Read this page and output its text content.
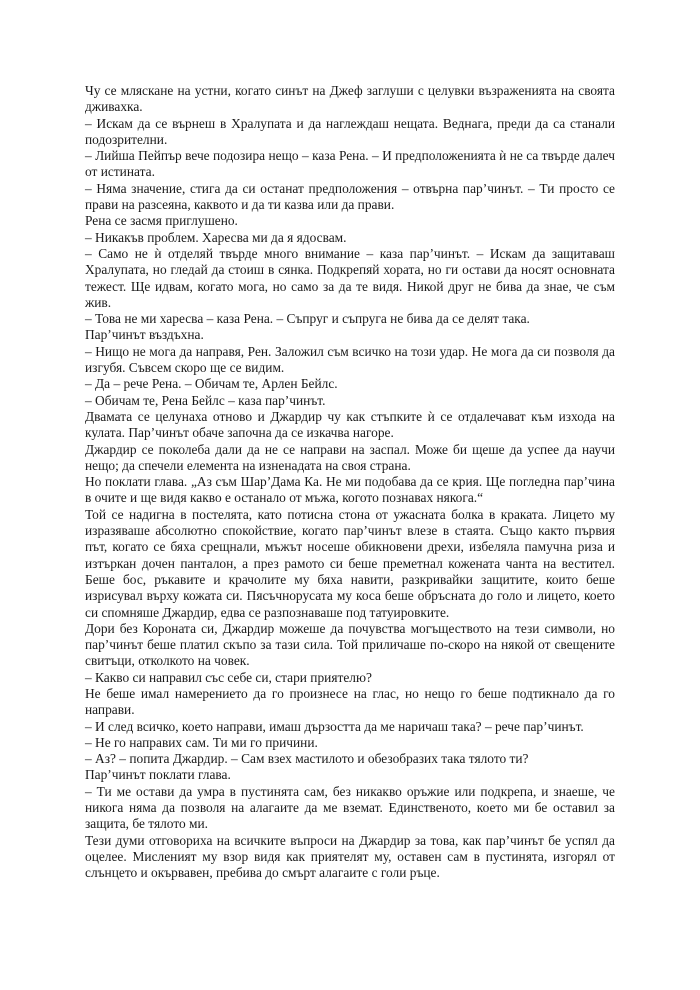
Чу се мляскане на устни, когато синът на Джеф заглуши с целувки възраженията на своята дживахка.

– Искам да се върнеш в Хралупата и да наглеждаш нещата. Веднага, преди да са станали подозрителни.

– Лийша Пейпър вече подозира нещо – каза Рена. – И предположенията ѝ не са твърде далеч от истината.

– Няма значение, стига да си останат предположения – отвърна пар’чинът. – Ти просто се прави на разсеяна, каквото и да ти казва или да прави.

Рена се засмя приглушено.

– Никакъв проблем. Харесва ми да я ядосвам.

– Само не ѝ отделяй твърде много внимание – каза пар’чинът. – Искам да защитаваш Хралупата, но гледай да стоиш в сянка. Подкрепяй хората, но ги остави да носят основната тежест. Ще идвам, когато мога, но само за да те видя. Никой друг не бива да знае, че съм жив.

– Това не ми харесва – каза Рена. – Съпруг и съпруга не бива да се делят така.

Пар’чинът въздъхна.

– Нищо не мога да направя, Рен. Заложил съм всичко на този удар. Не мога да си позволя да изгубя. Съвсем скоро ще се видим.

– Да – рече Рена. – Обичам те, Арлен Бейлс.

– Обичам те, Рена Бейлс – каза пар’чинът.

Двамата се целунаха отново и Джардир чу как стъпките ѝ се отдалечават към изхода на кулата. Пар’чинът обаче започна да се изкачва нагоре.

Джардир се поколеба дали да не се направи на заспал. Може би щеше да успее да научи нещо; да спечели елемента на изненадата на своя страна.

Но поклати глава. „Аз съм Шар’Дама Ка. Не ми подобава да се крия. Ще погледна пар’чина в очите и ще видя какво е останало от мъжа, когото познавах някога.“

Той се надигна в постелята, като потисна стона от ужасната болка в краката. Лицето му изразяваше абсолютно спокойствие, когато пар’чинът влезе в стаята. Също както първия път, когато се бяха срещнали, мъжът носеше обикновени дрехи, избеляла памучна риза и изтъркан дочен панталон, а през рамото си беше преметнал кожената чанта на вестител. Беше бос, ръкавите и крачолите му бяха навити, разкривайки защитите, които беше изрисувал върху кожата си. Пясъчнорусата му коса беше обръсната до голо и лицето, което си спомняше Джардир, едва се разпознаваше под татуировките.

Дори без Короната си, Джардир можеше да почувства могъществото на тези символи, но пар’чинът беше платил скъпо за тази сила. Той приличаше по-скоро на някой от свещените свитъци, отколкото на човек.

– Какво си направил със себе си, стари приятелю?

Не беше имал намерението да го произнесе на глас, но нещо го беше подтикнало да го направи.

– И след всичко, което направи, имаш дързостта да ме наричаш така? – рече пар’чинът.

– Не го направих сам. Ти ми го причини.

– Аз? – попита Джардир. – Сам взех мастилото и обезобразих така тялото ти?

Пар’чинът поклати глава.

– Ти ме остави да умра в пустинята сам, без никакво оръжие или подкрепа, и знаеше, че никога няма да позволя на алагаите да ме вземат. Единственото, което ми бе оставил за защита, бе тялото ми.

Тези думи отговориха на всичките въпроси на Джардир за това, как пар’чинът бе успял да оцелее. Мисленият му взор видя как приятелят му, оставен сам в пустинята, изгорял от слънцето и окървавен, пребива до смърт алагаите с голи ръце.
